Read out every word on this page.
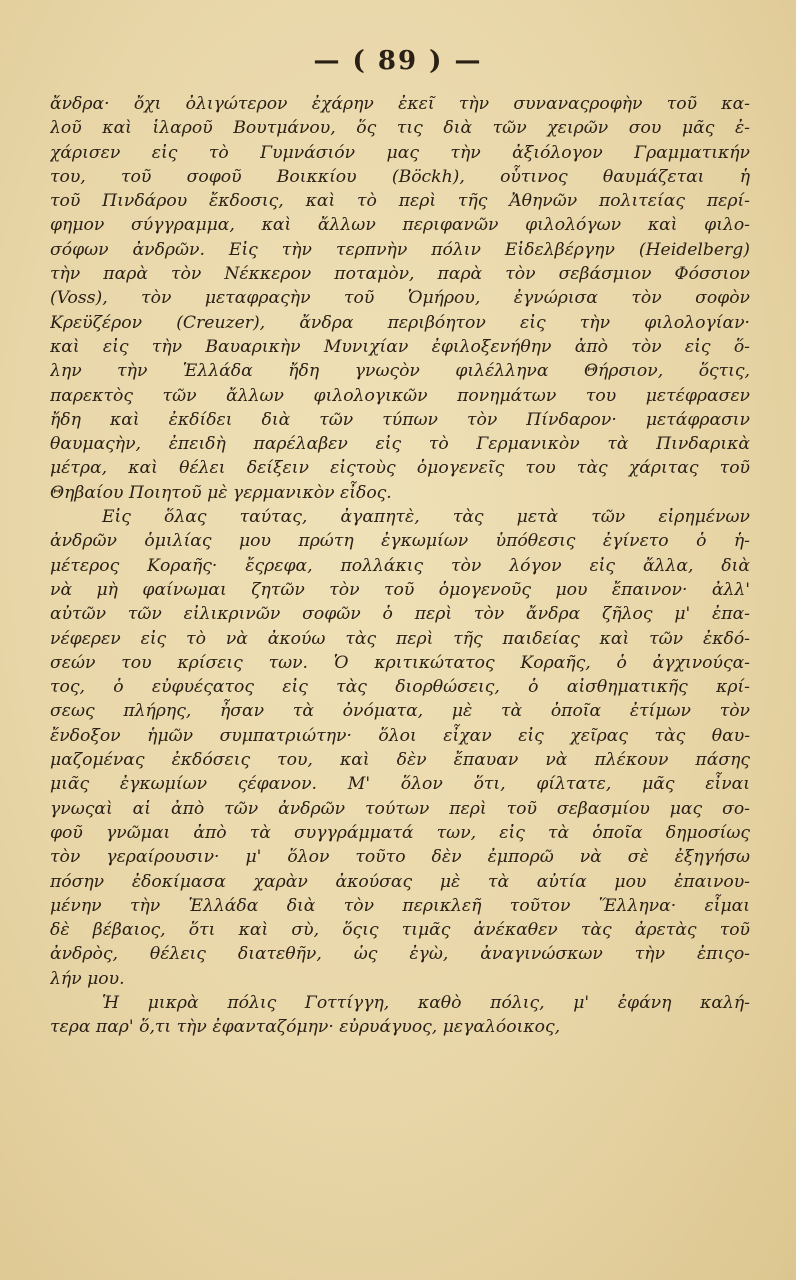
— ( 89 ) —
ἄνδρα· ὄχι ὀλιγώτερον ἐχάρην ἐκεῖ τὴν συναναςροφὴν τοῦ κα-
λοῦ καὶ ἱλαροῦ Βουτμάνου, ὅς τις διὰ τῶν χειρῶν σου μᾶς ἐ-
χάρισεν εἰς τὸ Γυμνάσιόν μας τὴν ἀξιόλογον Γραμματικήν
του, τοῦ σοφοῦ Βοικκίου (Böckh), οὗτινος θαυμάζεται ἡ
τοῦ Πινδάρου ἔκδοσις, καὶ τὸ περὶ τῆς Ἀθηνῶν πολιτείας περί-
φημον σύγγραμμα, καὶ ἄλλων περιφανῶν φιλολόγων καὶ φιλο-
σόφων ἀνδρῶν. Εἰς τὴν τερπνὴν πόλιν Εἰδελβέργην (Heidelberg)
τὴν παρὰ τὸν Νέκκερον ποταμὸν, παρὰ τὸν σεβάσμιον Φόσσιον
(Voss), τὸν μεταφραςὴν τοῦ Ὁμήρου, ἐγνώρισα τὸν σοφὸν
Κρεϋζέρον (Creuzer), ἄνδρα περιβόητον εἰς τὴν φιλολογίαν·
καὶ εἰς τὴν Βαυαρικὴν Μυνιχίαν ἐφιλοξενήθην ἀπὸ τὸν εἰς ὅ-
λην τὴν Ἑλλάδα ἤδη γνωςὸν φιλέλληνα Θήρσιον, ὅςτις,
παρεκτὸς τῶν ἄλλων φιλολογικῶν πονημάτων του μετέφρασεν
ἤδη καὶ ἐκδίδει διὰ τῶν τύπων τὸν Πίνδαρον· μετάφρασιν
θαυμαςὴν, ἐπειδὴ παρέλαβεν εἰς τὸ Γερμανικὸν τὰ Πινδαρικὰ
μέτρα, καὶ θέλει δείξειν εἰςτοὺς ὁμογενεῖς του τὰς χάριτας τοῦ
Θηβαίου Ποιητοῦ μὲ γερμανικὸν εἶδος.
Εἰς ὅλας ταύτας, ἀγαπητὲ, τὰς μετὰ τῶν εἰρημένων
ἀνδρῶν ὁμιλίας μου πρώτη ἐγκωμίων ὑπόθεσις ἐγίνετο ὁ ἡ-
μέτερος Κοραῆς· ἔςρεφα, πολλάκις τὸν λόγον εἰς ἄλλα, διὰ
νὰ μὴ φαίνωμαι ζητῶν τὸν τοῦ ὁμογενοῦς μου ἔπαινον· ἀλλ'
αὐτῶν τῶν εἰλικρινῶν σοφῶν ὁ περὶ τὸν ἄνδρα ζῆλος μ' ἐπα-
νέφερεν εἰς τὸ νὰ ἀκούω τὰς περὶ τῆς παιδείας καὶ τῶν ἐκδό-
σεών του κρίσεις των. Ὁ κριτικώτατος Κοραῆς, ὁ ἀγχινούςα-
τος, ὁ εὐφυέςατος εἰς τὰς διορθώσεις, ὁ αἰσθηματικῆς κρί-
σεως πλήρης, ἦσαν τὰ ὀνόματα, μὲ τὰ ὁποῖα ἐτίμων τὸν
ἔνδοξον ἡμῶν συμπατριώτην· ὅλοι εἶχαν εἰς χεῖρας τὰς θαυ-
μαζομένας ἐκδόσεις του, καὶ δὲν ἔπαυαν νὰ πλέκουν πάσης
μιᾶς ἐγκωμίων ςέφανον. Μ' ὅλον ὅτι, φίλτατε, μᾶς εἶναι
γνωςαὶ αἱ ἀπὸ τῶν ἀνδρῶν τούτων περὶ τοῦ σεβασμίου μας σο-
φοῦ γνῶμαι ἀπὸ τὰ συγγράμματά των, εἰς τὰ ὁποῖα δημοσίως
τὸν γεραίρουσιν· μ' ὅλον τοῦτο δὲν ἐμπορῶ νὰ σὲ ἐξηγήσω
πόσην ἐδοκίμασα χαρὰν ἀκούσας μὲ τὰ αὐτία μου ἐπαινου-
μένην τὴν Ἑλλάδα διὰ τὸν περικλεῆ τοῦτον Ἕλληνα· εἶμαι
δὲ βέβαιος, ὅτι καὶ σὺ, ὅςις τιμᾶς ἀνέκαθεν τὰς ἀρετὰς τοῦ
ἀνδρὸς, θέλεις διατεθῆν, ὡς ἐγὼ, ἀναγινώσκων τὴν ἐπιςο-
λήν μου.
Ἡ μικρὰ πόλις Γοττίγγη, καθὸ πόλις, μ' ἐφάνη καλή-
τερα παρ' ὅ,τι τὴν ἐφανταζόμην· εὐρυάγυος, μεγαλόοικος,
